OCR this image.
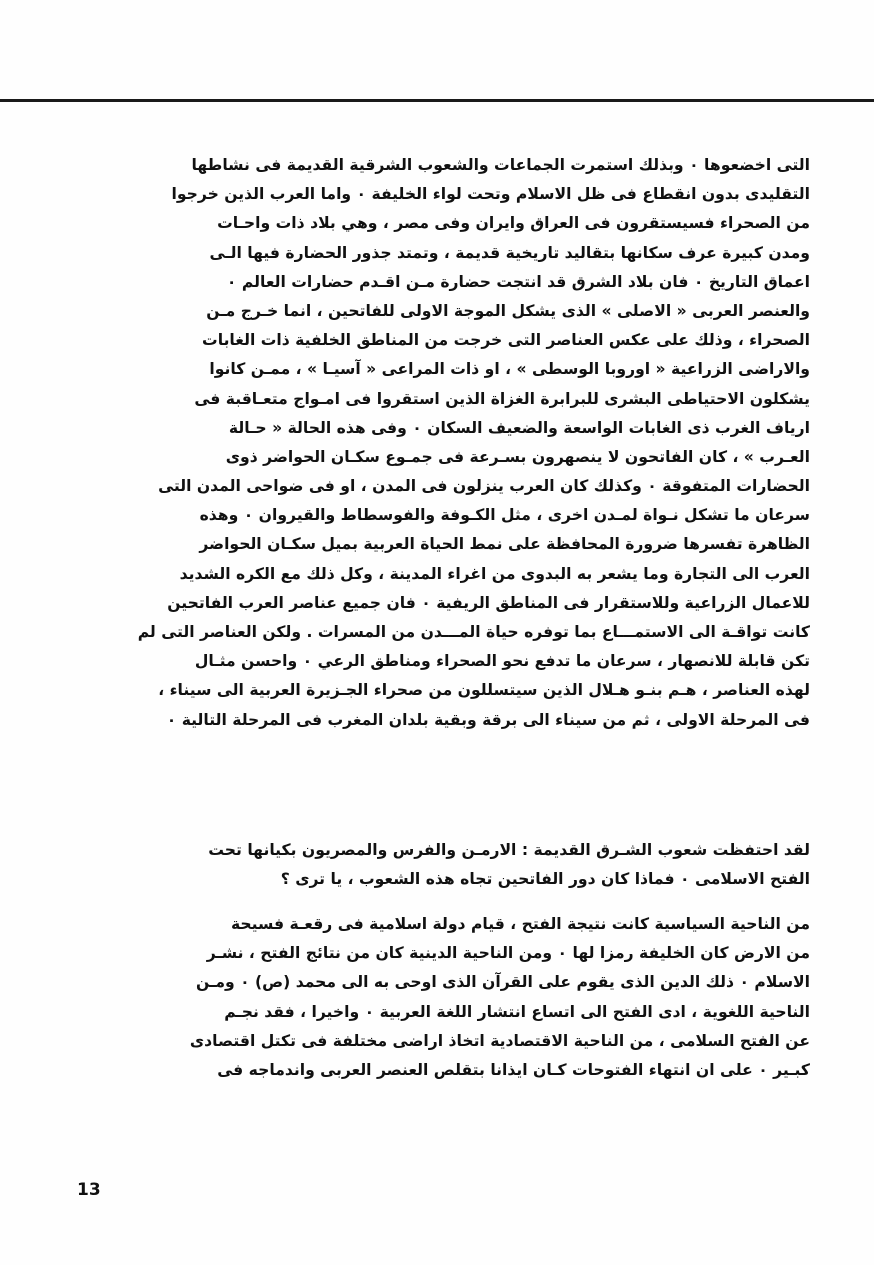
التى اخضعوها ٠ وبذلك استمرت الجماعات والشعوب الشرقية القديمة فى نشاطها
التقليدى بدون انقطاع فى ظل الاسلام وتحت لواء الخليفة ٠ واما العرب الذين خرجوا
من الصحراء فسيستقرون فى العراق وايران وفى مصر ، وهي بلاد ذات واحـات
ومدن كبيرة عرف سكانها بتقاليد تاريخية قديمة ، وتمتد جذور الحضارة فيها الـى
اعماق التاريخ ٠ فان بلاد الشرق قد انتجت حضارة مـن اقـدم حضارات العالم ٠
والعنصر العربى « الاصلى » الذى يشكل الموجة الاولى للفاتحين ، انما خـرج مـن
الصحراء ، وذلك على عكس العناصر التى خرجت من المناطق الخلفية ذات الغابات
والاراضى الزراعية « اوروبا الوسطى » ، او ذات المراعى « آسيـا » ، ممـن كانوا
يشكلون الاحتياطى البشرى للبرابرة الغزاة الذين استقروا فى امـواج متعـاقبة فى
ارياف الغرب ذى الغابات الواسعة والضعيف السكان ٠ وفى هذه الحالة « حـالة
العـرب » ، كان الفاتحون لا ينصهرون بسـرعة فى جمـوع سكـان الحواضر ذوى
الحضارات المتفوقة ٠ وكذلك كان العرب ينزلون فى المدن ، او فى ضواحى المدن التى
سرعان ما تشكل نـواة لمـدن اخرى ، مثل الكـوفة والفوسطاط والقيروان ٠ وهذه
الظاهرة تفسرها ضرورة المحافظة على نمط الحياة العربية بميل سكـان الحواضر
العرب الى التجارة وما يشعر به البدوى من اغراء المدينة ، وكل ذلك مع الكره الشديد
للاعمال الزراعية وللاستقرار فى المناطق الريفية ٠ فان جميع عناصر العرب الفاتحين
كانت تواقـة الى الاستمـــاع بما توفره حياة المـــدن من المسرات . ولكن العناصر التى لم
تكن قابلة للانصهار ، سرعان ما تدفع نحو الصحراء ومناطق الرعي ٠ واحسن مثـال
لهذه العناصر ، هـم بنـو هـلال الذين سيتسللون من صحراء الجـزيرة العربية الى سيناء ،
فى المرحلة الاولى ، ثم من سيناء الى برقة وبقية بلدان المغرب فى المرحلة التالية ٠
لقد احتفظت شعوب الشـرق القديمة : الارمـن والفرس والمصريون بكيانها تحت
الفتح الاسلامى ٠ فماذا كان دور الفاتحين تجاه هذه الشعوب ، يا ترى ؟
من الناحية السياسية كانت نتيجة الفتح ، قيام دولة اسلامية فى رقعـة فسيحة
من الارض كان الخليفة رمزا لها ٠ ومن الناحية الدينية كان من نتائج الفتح ، نشـر
الاسلام ٠ ذلك الدين الذى يقوم على القرآن الذى اوحى به الى محمد (ص) ٠ ومـن
الناحية اللغوية ، ادى الفتح الى اتساع انتشار اللغة العربية ٠ واخيرا ، فقد نجـم
عن الفتح السلامى ، من الناحية الاقتصادية اتخاذ اراضى مختلفة فى تكتل اقتصادى
كبـير ٠ على ان انتهاء الفتوحات كـان ايذانا بتقلص العنصر العربى واندماجه فى
13
